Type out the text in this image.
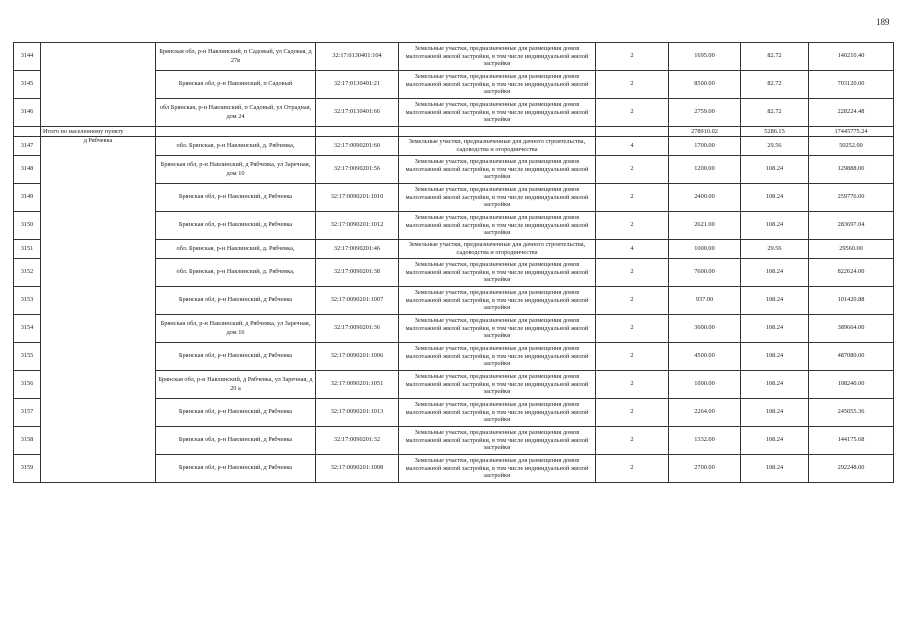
189
3144		Брянская обл, р-н Навлинский, п Садовый, ул Садовая, д 27в	32:17:0130401:104	Земельные участки, предназначенные для размещения домов малоэтажной жилой застройки, в том числе индивидуальной жилой застройки	2	1695.00	82.72	140210.40
3145		Брянская обл, р-н Навлинский, п Садовый	32:17:0130401:21	Земельные участки, предназначенные для размещения домов малоэтажной жилой застройки, в том числе индивидуальной жилой застройки	2	8500.00	82.72	703120.00
3146		обл Брянская, р-н Навлинский, п Садовый, ул Отрадная, дом 24	32:17:0130401:66	Земельные участки, предназначенные для размещения домов малоэтажной жилой застройки, в том числе индивидуальной жилой застройки	2	2759.00	82.72	228224.48
	Итого по населенному пункту					278910.02	5286.15	17445775.24
3147	д Рябчевка	обл. Брянская, р-н Навлинский, д. Рябчевка,	32:17:0090201:60	Земельные участки, предназначенные для дачного строительства, садоводства и огородничества	4	1700.00	29.56	50252.00
3148		Брянская обл, р-н Навлинский, д Рябчевка, ул Заречная, дом 10	32:17:0090201:56	Земельные участки, предназначенные для размещения домов малоэтажной жилой застройки, в том числе индивидуальной жилой застройки	2	1200.00	108.24	129888.00
3149		Брянская обл, р-н Навлинский, д Рябчевка	32:17:0090201:1010	Земельные участки, предназначенные для размещения домов малоэтажной жилой застройки, в том числе индивидуальной жилой застройки	2	2400.00	108.24	259776.00
3150		Брянская обл, р-н Навлинский, д Рябчевка	32:17:0090201:1012	Земельные участки, предназначенные для размещения домов малоэтажной жилой застройки, в том числе индивидуальной жилой застройки	2	2621.00	108.24	283697.04
3151		обл. Брянская, р-н Навлинский, д. Рябчевка,	32:17:0090201:46	Земельные участки, предназначенные для дачного строительства, садоводства и огородничества	4	1000.00	29.56	29560.00
3152		обл. Брянская, р-н Навлинский, д. Рябчевка,	32:17:0090201:38	Земельные участки, предназначенные для размещения домов малоэтажной жилой застройки, в том числе индивидуальной жилой застройки	2	7600.00	108.24	822624.00
3153		Брянская обл, р-н Навлинский, д Рябчевка	32:17:0090201:1007	Земельные участки, предназначенные для размещения домов малоэтажной жилой застройки, в том числе индивидуальной жилой застройки	2	937.00	108.24	101420.88
3154		Брянская обл, р-н Навлинский, д Рябчевка, ул Заречная, дом 16	32:17:0090201:36	Земельные участки, предназначенные для размещения домов малоэтажной жилой застройки, в том числе индивидуальной жилой застройки	2	3600.00	108.24	389664.00
3155		Брянская обл, р-н Навлинский, д Рябчевка	32:17:0090201:1006	Земельные участки, предназначенные для размещения домов малоэтажной жилой застройки, в том числе индивидуальной жилой застройки	2	4500.00	108.24	487080.00
3156		Брянская обл, р-н Навлинский, д Рябчевка, ул Заречная, д 20 а	32:17:0090201:1051	Земельные участки, предназначенные для размещения домов малоэтажной жилой застройки, в том числе индивидуальной жилой застройки	2	1000.00	108.24	108240.00
3157		Брянская обл, р-н Навлинский, д Рябчевка	32:17:0090201:1013	Земельные участки, предназначенные для размещения домов малоэтажной жилой застройки, в том числе индивидуальной жилой застройки	2	2264.00	108.24	245055.36
3158		Брянская обл, р-н Навлинский, д Рябчевка	32:17:0090201:32	Земельные участки, предназначенные для размещения домов малоэтажной жилой застройки, в том числе индивидуальной жилой застройки	2	1332.00	108.24	144175.68
3159		Брянская обл, р-н Навлинский, д Рябчевка	32:17:0090201:1008	Земельные участки, предназначенные для размещения домов малоэтажной жилой застройки, в том числе индивидуальной жилой застройки	2	2700.00	108.24	292248.00
